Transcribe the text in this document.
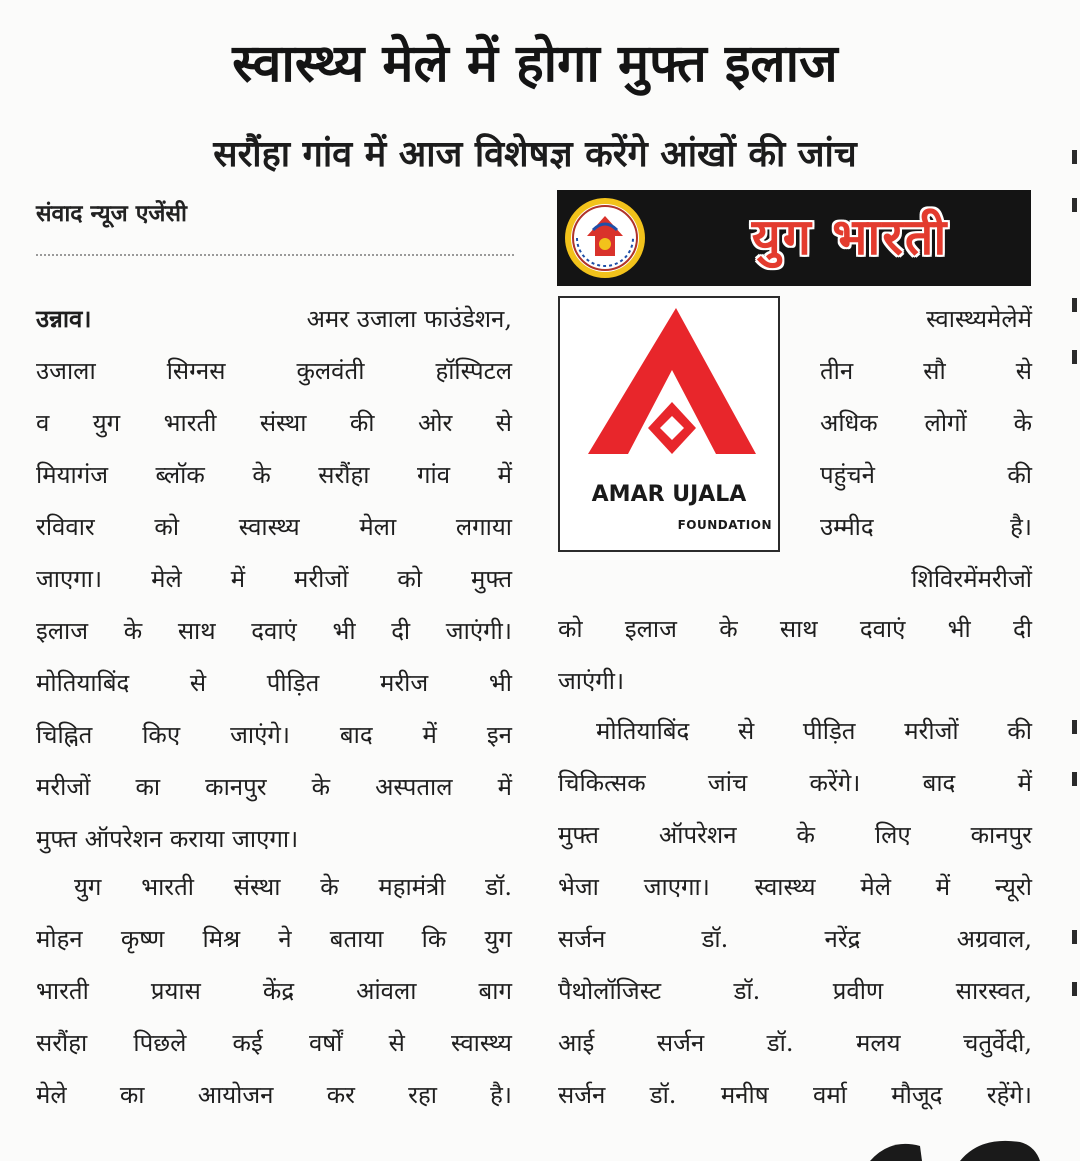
स्वास्थ्य मेले में होगा मुफ्त इलाज
सरौंहा गांव में आज विशेषज्ञ करेंगे आंखों की जांच
संवाद न्यूज एजेंसी	युग भारती
AMAR UJALA
FOUNDATION
उन्नाव।	अमर उजाला फाउंडेशन,
उजाला	सिग्नस	कुलवंती	हॉस्पिटल
व युग भारती संस्था की ओर से
मियागंज ब्लॉक के सरौंहा गांव में
रविवार को स्वास्थ्य मेला लगाया
जाएगा। मेले में मरीजों को मुफ्त
इलाज के साथ दवाएं भी दी जाएंगी।
मोतियाबिंद	से	पीड़ित	मरीज	भी
चिह्नित किए जाएंगे। बाद में इन
मरीजों का कानपुर के अस्पताल में
मुफ्त ऑपरेशन कराया जाएगा।
युग भारती संस्था के महामंत्री डॉ.
मोहन कृष्ण मिश्र ने बताया कि युग
भारती	प्रयास	केंद्र	आंवला	बाग
सरौंहा पिछले कई वर्षों से स्वास्थ्य
मेले का आयोजन कर रहा है।
स्वास्थ्य मेले में
तीन	सौ	से
अधिक लोगों के
पहुंचने	की
उम्मीद	है।
शिविर में मरीजों
को इलाज के साथ दवाएं भी दी
जाएंगी।
मोतियाबिंद से पीड़ित मरीजों की
चिकित्सक	जांच	करेंगे।	बाद	में
मुफ्त ऑपरेशन के लिए कानपुर
भेजा जाएगा। स्वास्थ्य मेले में न्यूरो
सर्जन	डॉ.	नरेंद्र	अग्रवाल,
पैथोलॉजिस्ट	डॉ.	प्रवीण	सारस्वत,
आई	सर्जन	डॉ.	मलय	चतुर्वेदी,
सर्जन डॉ. मनीष वर्मा मौजूद रहेंगे।
